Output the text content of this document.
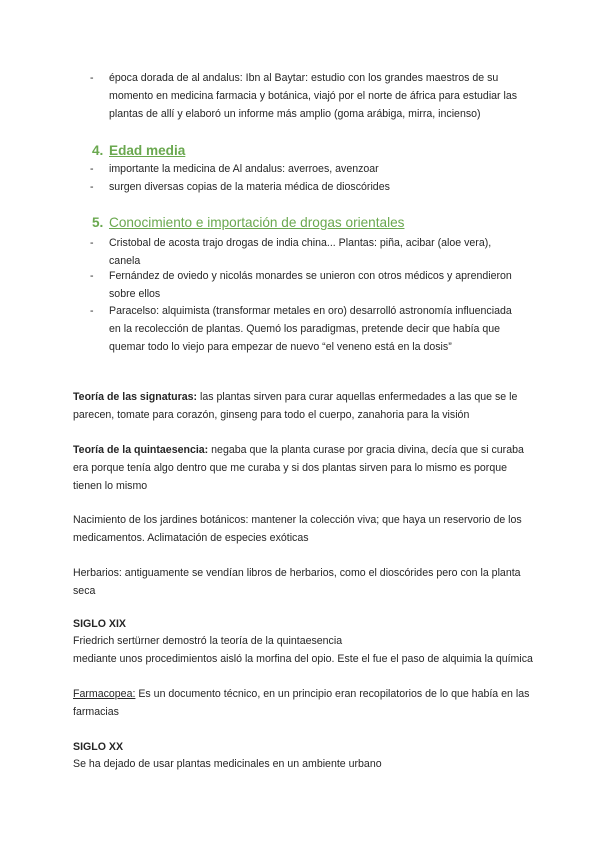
-	época dorada de al andalus: Ibn al Baytar: estudio con los grandes maestros de su momento en medicina farmacia y botánica, viajó por el norte de áfrica para estudiar las plantas de allí y elaboró un informe más amplio (goma arábiga, mirra, incienso)
4. Edad media
-	importante la medicina de Al andalus: averroes, avenzoar
-	surgen diversas copias de la materia médica de dioscórides
5. Conocimiento e importación de drogas orientales
-	Cristobal de acosta trajo drogas de india china... Plantas: piña, acibar (aloe vera), canela
-	Fernández de oviedo y nicolás monardes se unieron con otros médicos y aprendieron sobre ellos
-	Paracelso: alquimista (transformar metales en oro) desarrolló astronomía influenciada en la recolección de plantas. Quemó los paradigmas, pretende decir que había que quemar todo lo viejo para empezar de nuevo “el veneno está en la dosis”
Teoría de las signaturas: las plantas sirven para curar aquellas enfermedades a las que se le parecen, tomate para corazón, ginseng para todo el cuerpo, zanahoria para la visión
Teoría de la quintaesencia: negaba que la planta curase por gracia divina, decía que si curaba era porque tenía algo dentro que me curaba y si dos plantas sirven para lo mismo es porque tienen lo mismo
Nacimiento de los jardines botánicos: mantener la colección viva; que haya un reservorio de los medicamentos. Aclimatación de especies exóticas
Herbarios: antiguamente se vendían libros de herbarios, como el dioscórides pero con la planta seca
SIGLO XIX
Friedrich sertürner demostró la teoría de la quintaesencia
mediante unos procedimientos aisló la morfina del opio. Este el fue el paso de alquimia la química
Farmacopea: Es un documento técnico, en un principio eran recopilatorios de lo que había en las farmacias
SIGLO XX
Se ha dejado de usar plantas medicinales en un ambiente urbano
